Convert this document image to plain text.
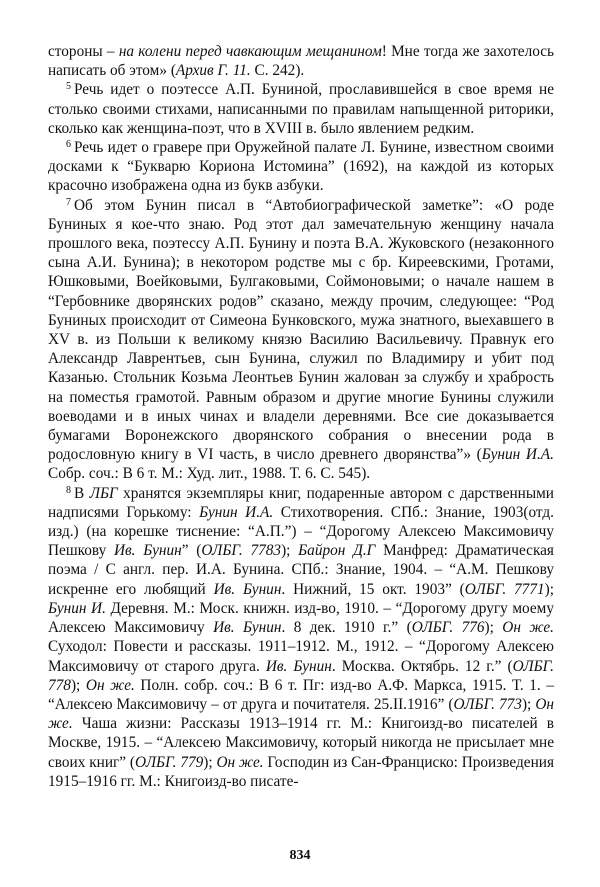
стороны – на колени перед чавкающим мещанином! Мне тогда же захотелось написать об этом» (Архив Г. 11. С. 242).

$^5$ Речь идет о поэтессе А.П. Буниной, прославившейся в свое время не столько своими стихами, написанными по правилам напыщенной риторики, сколько как женщина-поэт, что в XVIII в. было явлением редким.

$^6$ Речь идет о гравере при Оружейной палате Л. Бунине, известном своими досками к “Букварю Кориона Истомина” (1692), на каждой из которых красочно изображена одна из букв азбуки.

$^7$ Об этом Бунин писал в “Автобиографической заметке”: «О роде Буниных я кое-что знаю. Род этот дал замечательную женщину начала прошлого века, поэтессу А.П. Бунину и поэта В.А. Жуковского (незаконного сына А.И. Бунина); в некотором родстве мы с бр. Киреевскими, Гротами, Юшковыми, Воейковыми, Булгаковыми, Соймоновыми; о начале нашем в “Гербовнике дворянских родов” сказано, между прочим, следующее: “Род Буниных происходит от Симеона Бунковского, мужа знатного, выехавшего в XV в. из Польши к великому князю Василию Васильевичу. Правнук его Александр Лаврентьев, сын Бунина, служил по Владимиру и убит под Казанью. Стольник Козьма Леонтьев Бунин жалован за службу и храбрость на поместья грамотой. Равным образом и другие многие Бунины служили воеводами и в иных чинах и владели деревнями. Все сие доказывается бумагами Воронежского дворянского собрания о внесении рода в родословную книгу в VI часть, в число древнего дворянства”» (Бунин И.А. Собр. соч.: В 6 т. М.: Худ. лит., 1988. Т. 6. С. 545).

$^8$ В ЛБГ хранятся экземпляры книг, подаренные автором с дарственными надписями Горькому: Бунин И.А. Стихотворения. СПб.: Знание, 1903(отд. изд.) (на корешке тиснение: “А.П.”) – “Дорогому Алексею Максимовичу Пешкову Ив. Бунин” (ОЛБГ. 7783); Байрон Д.Г Манфред: Драматическая поэма / С англ. пер. И.А. Бунина. СПб.: Знание, 1904. – “А.М. Пешкову искренне его любящий Ив. Бунин. Нижний, 15 окт. 1903” (ОЛБГ. 7771); Бунин И. Деревня. М.: Моск. книжн. изд-во, 1910. – “Дорогому другу моему Алексею Максимовичу Ив. Бунин. 8 дек. 1910 г.” (ОЛБГ. 776); Он же. Суходол: Повести и рассказы. 1911–1912. М., 1912. – “Дорогому Алексею Максимовичу от старого друга. Ив. Бунин. Москва. Октябрь. 12 г.” (ОЛБГ. 778); Он же. Полн. собр. соч.: В 6 т. Пг: изд-во А.Ф. Маркса, 1915. Т. 1. – “Алексею Максимовичу – от друга и почитателя. 25.II.1916” (ОЛБГ. 773); Он же. Чаша жизни: Рассказы 1913–1914 гг. М.: Книгоизд-во писателей в Москве, 1915. – “Алексею Максимовичу, который никогда не присылает мне своих книг” (ОЛБГ. 779); Он же. Господин из Сан-Франциско: Произведения 1915–1916 гг. М.: Книгоизд-во писате-

834
